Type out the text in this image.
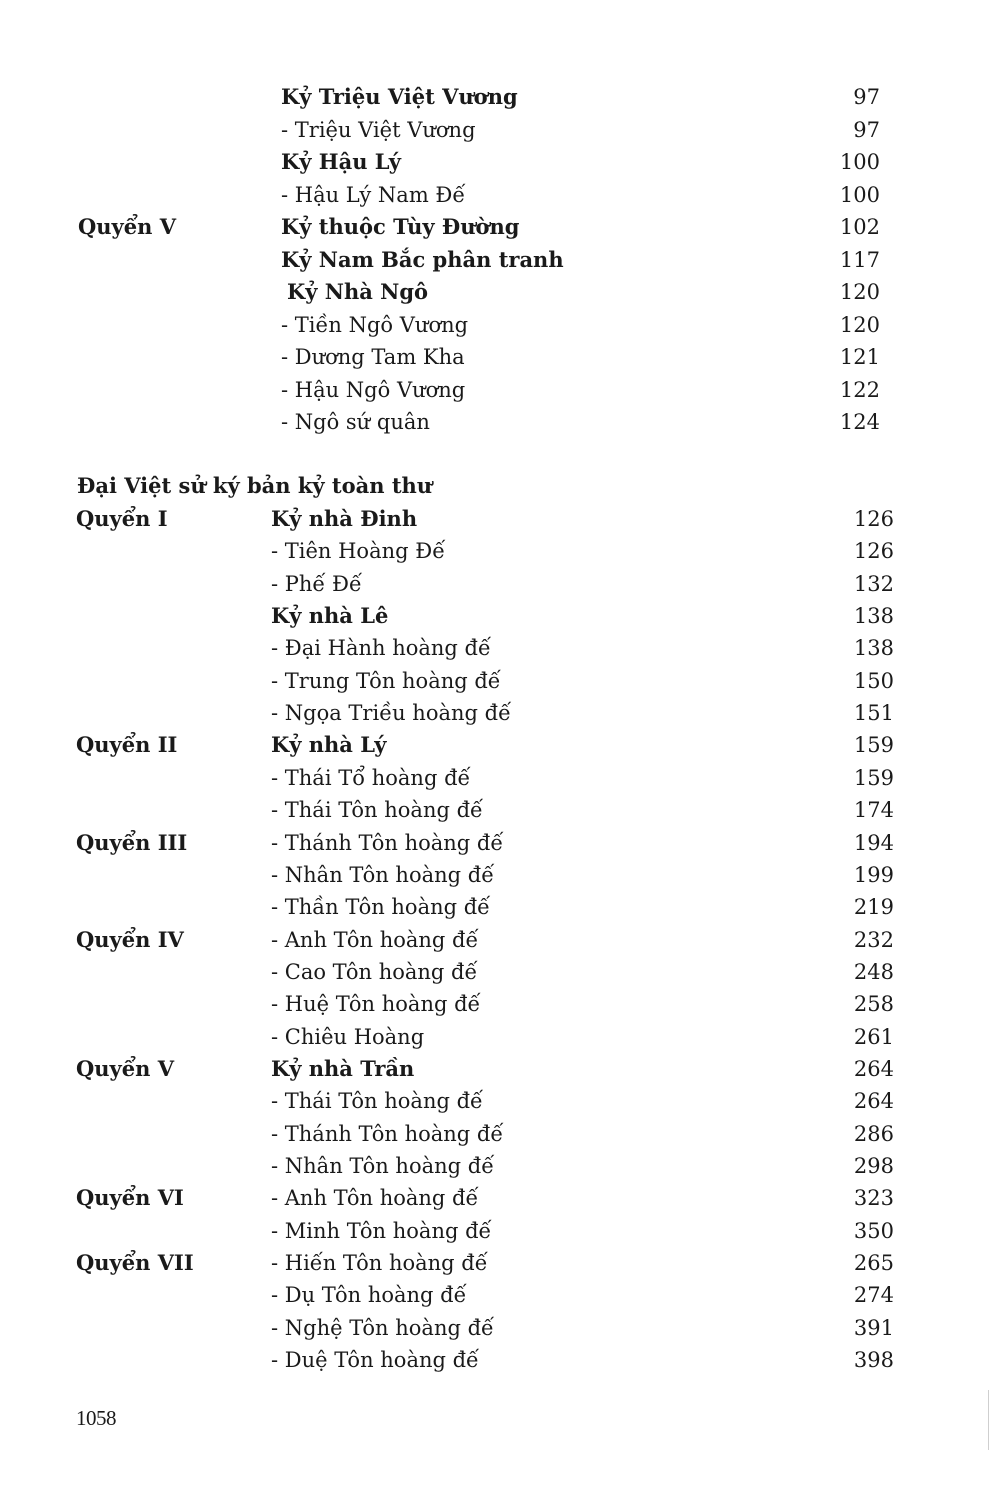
Kỷ Triệu Việt Vương	97
- Triệu Việt Vương	97
Kỷ Hậu Lý	100
- Hậu Lý Nam Đế	100
Quyển V	Kỷ thuộc Tùy Đường	102
Kỷ Nam Bắc phân tranh	117
Kỷ Nhà Ngô	120
- Tiền Ngô Vương	120
- Dương Tam Kha	121
- Hậu Ngô Vương	122
- Ngô sứ quân	124
Đại Việt sử ký bản kỷ toàn thư
Quyển I	Kỷ nhà Đinh	126
- Tiên Hoàng Đế	126
- Phế Đế	132
Kỷ nhà Lê	138
- Đại Hành hoàng đế	138
- Trung Tôn hoàng đế	150
- Ngọa Triều hoàng đế	151
Quyển II	Kỷ nhà Lý	159
- Thái Tổ hoàng đế	159
- Thái Tôn hoàng đế	174
Quyển III	- Thánh Tôn hoàng đế	194
- Nhân Tôn hoàng đế	199
- Thần Tôn hoàng đế	219
Quyển IV	- Anh Tôn hoàng đế	232
- Cao Tôn hoàng đế	248
- Huệ Tôn hoàng đế	258
- Chiêu Hoàng	261
Quyển V	Kỷ nhà Trần	264
- Thái Tôn hoàng đế	264
- Thánh Tôn hoàng đế	286
- Nhân Tôn hoàng đế	298
Quyển VI	- Anh Tôn hoàng đế	323
- Minh Tôn hoàng đế	350
Quyển VII	- Hiến Tôn hoàng đế	265
- Dụ Tôn hoàng đế	274
- Nghệ Tôn hoàng đế	391
- Duệ Tôn hoàng đế	398
1058
